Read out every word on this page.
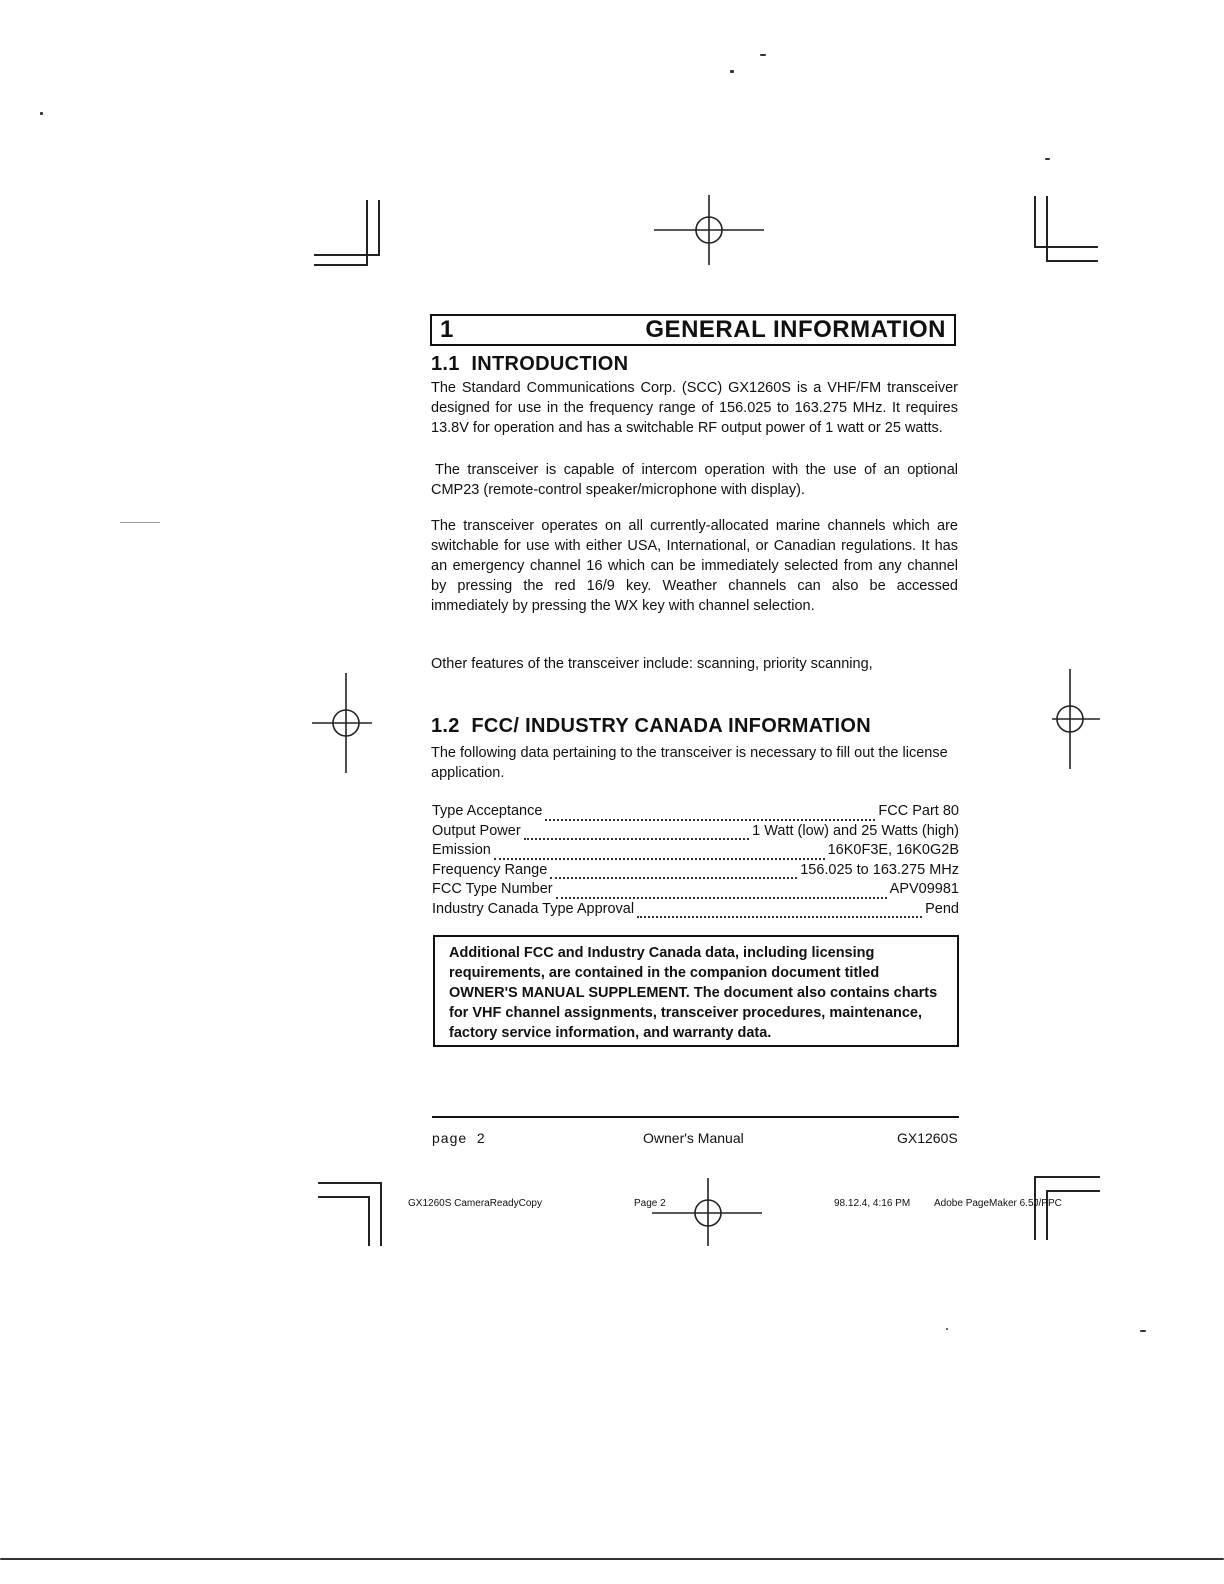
1	GENERAL INFORMATION
1.1  INTRODUCTION
The Standard Communications Corp. (SCC) GX1260S is a VHF/FM transceiver designed for use in the frequency range of 156.025 to 163.275 MHz. It requires 13.8V for operation and has a switchable RF output power of 1 watt or 25 watts.
The transceiver is capable of intercom operation with the use of an optional CMP23 (remote-control speaker/microphone with display).
The transceiver operates on all currently-allocated marine channels which are switchable for use with either USA, International, or Canadian regulations. It has an emergency channel 16 which can be immediately selected from any channel by pressing the red 16/9 key. Weather channels can also be accessed immediately by pressing the WX key with channel selection.
Other features of the transceiver include: scanning, priority scanning,
1.2  FCC/ INDUSTRY CANADA INFORMATION
The following data pertaining to the transceiver is necessary to fill out the license application.
Type Acceptance	FCC Part 80
Output Power	1 Watt (low) and 25 Watts (high)
Emission	16K0F3E, 16K0G2B
Frequency Range	156.025 to 163.275 MHz
FCC Type Number	APV09981
Industry Canada Type Approval	Pend
Additional FCC and Industry Canada data, including licensing requirements, are contained in the companion document titled OWNER'S MANUAL SUPPLEMENT. The document also contains charts for VHF channel assignments, transceiver procedures, maintenance, factory service information, and warranty data.
page  2	Owner's Manual	GX1260S
GX1260S CameraReadyCopy	Page 2	98.12.4, 4:16 PM Adobe PageMaker 6.5J/PPC
